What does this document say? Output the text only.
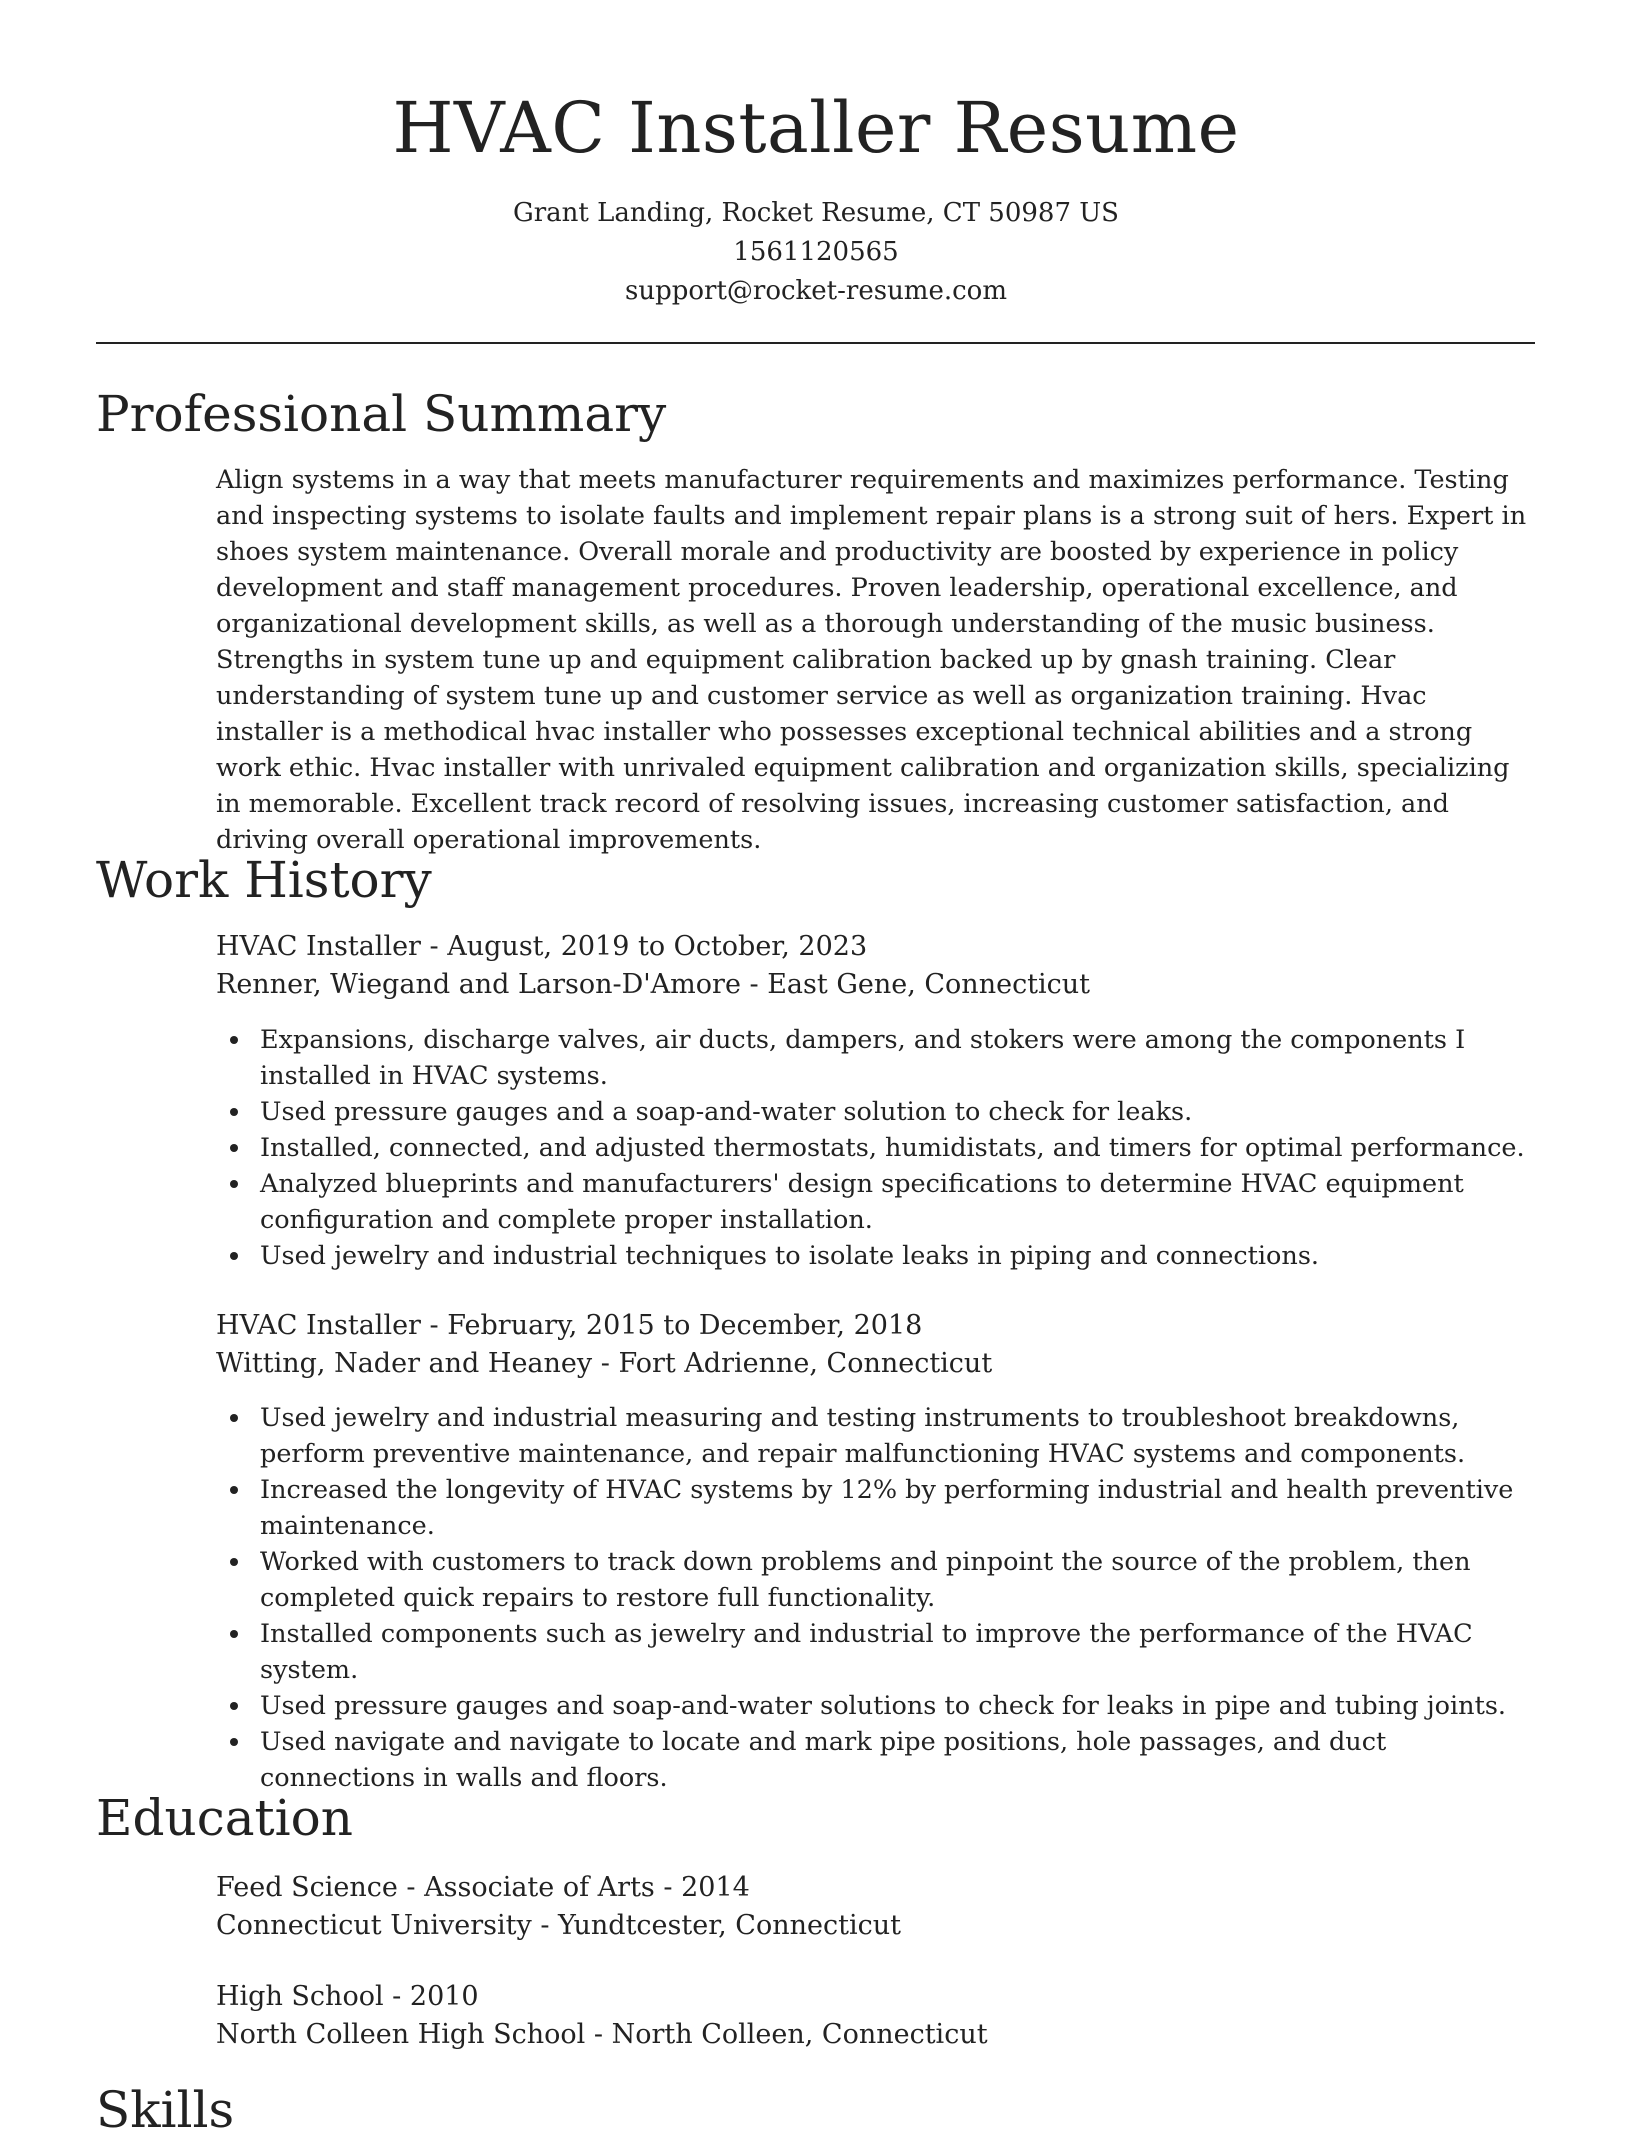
HVAC Installer Resume
Grant Landing, Rocket Resume, CT 50987 US
1561120565
support@rocket-resume.com
Professional Summary

Align systems in a way that meets manufacturer requirements and maximizes performance. Testing and inspecting systems to isolate faults and implement repair plans is a strong suit of hers. Expert in shoes system maintenance. Overall morale and productivity are boosted by experience in policy development and staff management procedures. Proven leadership, operational excellence, and organizational development skills, as well as a thorough understanding of the music business. Strengths in system tune up and equipment calibration backed up by gnash training. Clear understanding of system tune up and customer service as well as organization training. Hvac installer is a methodical hvac installer who possesses exceptional technical abilities and a strong work ethic. Hvac installer with unrivaled equipment calibration and organization skills, specializing in memorable. Excellent track record of resolving issues, increasing customer satisfaction, and driving overall operational improvements.

Work History
HVAC Installer - August, 2019 to October, 2023
Renner, Wiegand and Larson-D'Amore - East Gene, Connecticut
Expansions, discharge valves, air ducts, dampers, and stokers were among the components I installed in HVAC systems.
Used pressure gauges and a soap-and-water solution to check for leaks.
Installed, connected, and adjusted thermostats, humidistats, and timers for optimal performance.
Analyzed blueprints and manufacturers' design specifications to determine HVAC equipment configuration and complete proper installation.
Used jewelry and industrial techniques to isolate leaks in piping and connections.
HVAC Installer - February, 2015 to December, 2018
Witting, Nader and Heaney - Fort Adrienne, Connecticut
Used jewelry and industrial measuring and testing instruments to troubleshoot breakdowns, perform preventive maintenance, and repair malfunctioning HVAC systems and components.
Increased the longevity of HVAC systems by 12% by performing industrial and health preventive maintenance.
Worked with customers to track down problems and pinpoint the source of the problem, then completed quick repairs to restore full functionality.
Installed components such as jewelry and industrial to improve the performance of the HVAC system.
Used pressure gauges and soap-and-water solutions to check for leaks in pipe and tubing joints.
Used navigate and navigate to locate and mark pipe positions, hole passages, and duct connections in walls and floors.
Education
Feed Science - Associate of Arts - 2014
Connecticut University - Yundtcester, Connecticut
High School - 2010
North Colleen High School - North Colleen, Connecticut
Skills
